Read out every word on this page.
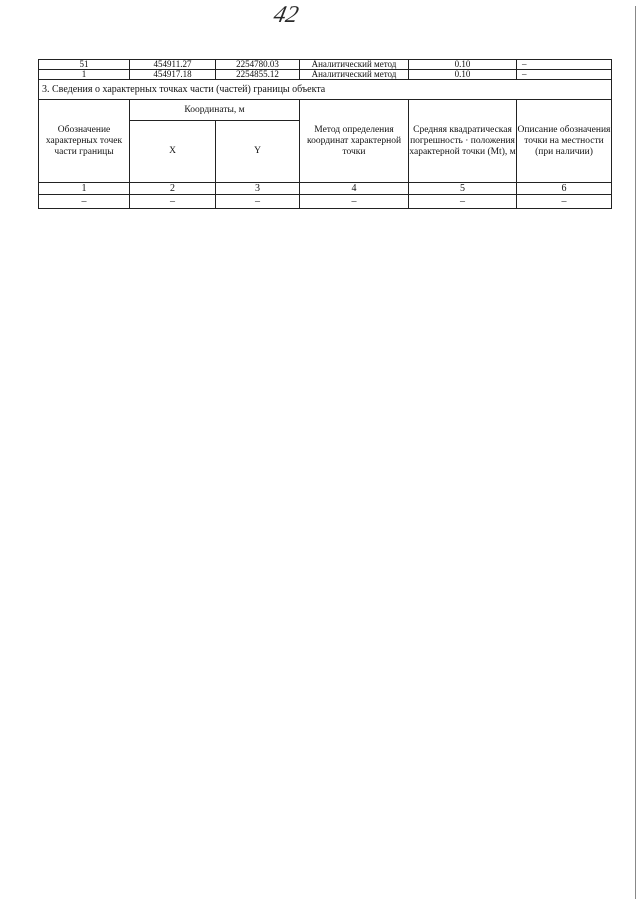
42
51	454911.27	2254780.03	Аналитический метод	0.10	–
1	454917.18	2254855.12	Аналитический метод	0.10	–
3. Сведения о характерных точках части (частей) границы объекта					
Обозначение характерных точек части границы	Координаты, м		Метод определения координат характерной точки	Средняя квадратическая погрешность · положения характерной точки (Mt), м	Описание обозначения точки на местности (при наличии)
	X	Y			
1	2	3	4	5	6
–	–	–	–	–	–
